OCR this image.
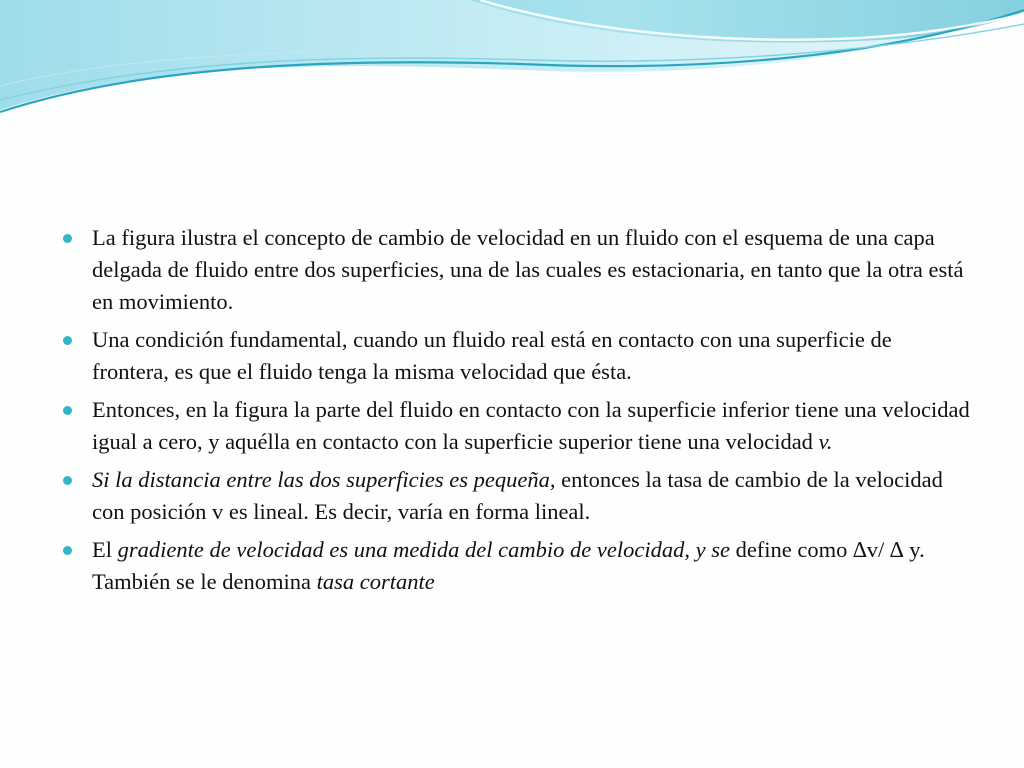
La figura ilustra el concepto de cambio de velocidad en un fluido con el esquema de una capa delgada de fluido entre dos superficies, una de las cuales es estacionaria, en tanto que la otra está en movimiento.
Una condición fundamental, cuando un fluido real está en contacto con una superficie de frontera, es que el fluido tenga la misma velocidad que ésta.
Entonces, en la figura la parte del fluido en contacto con la superficie inferior tiene una velocidad igual a cero, y aquélla en contacto con la superficie superior tiene una velocidad v.
Si la distancia entre las dos superficies es pequeña, entonces la tasa de cambio de la velocidad con posición v es lineal. Es decir, varía en forma lineal.
El gradiente de velocidad es una medida del cambio de velocidad, y se define como ∆v/ ∆ y. También se le denomina tasa cortante
